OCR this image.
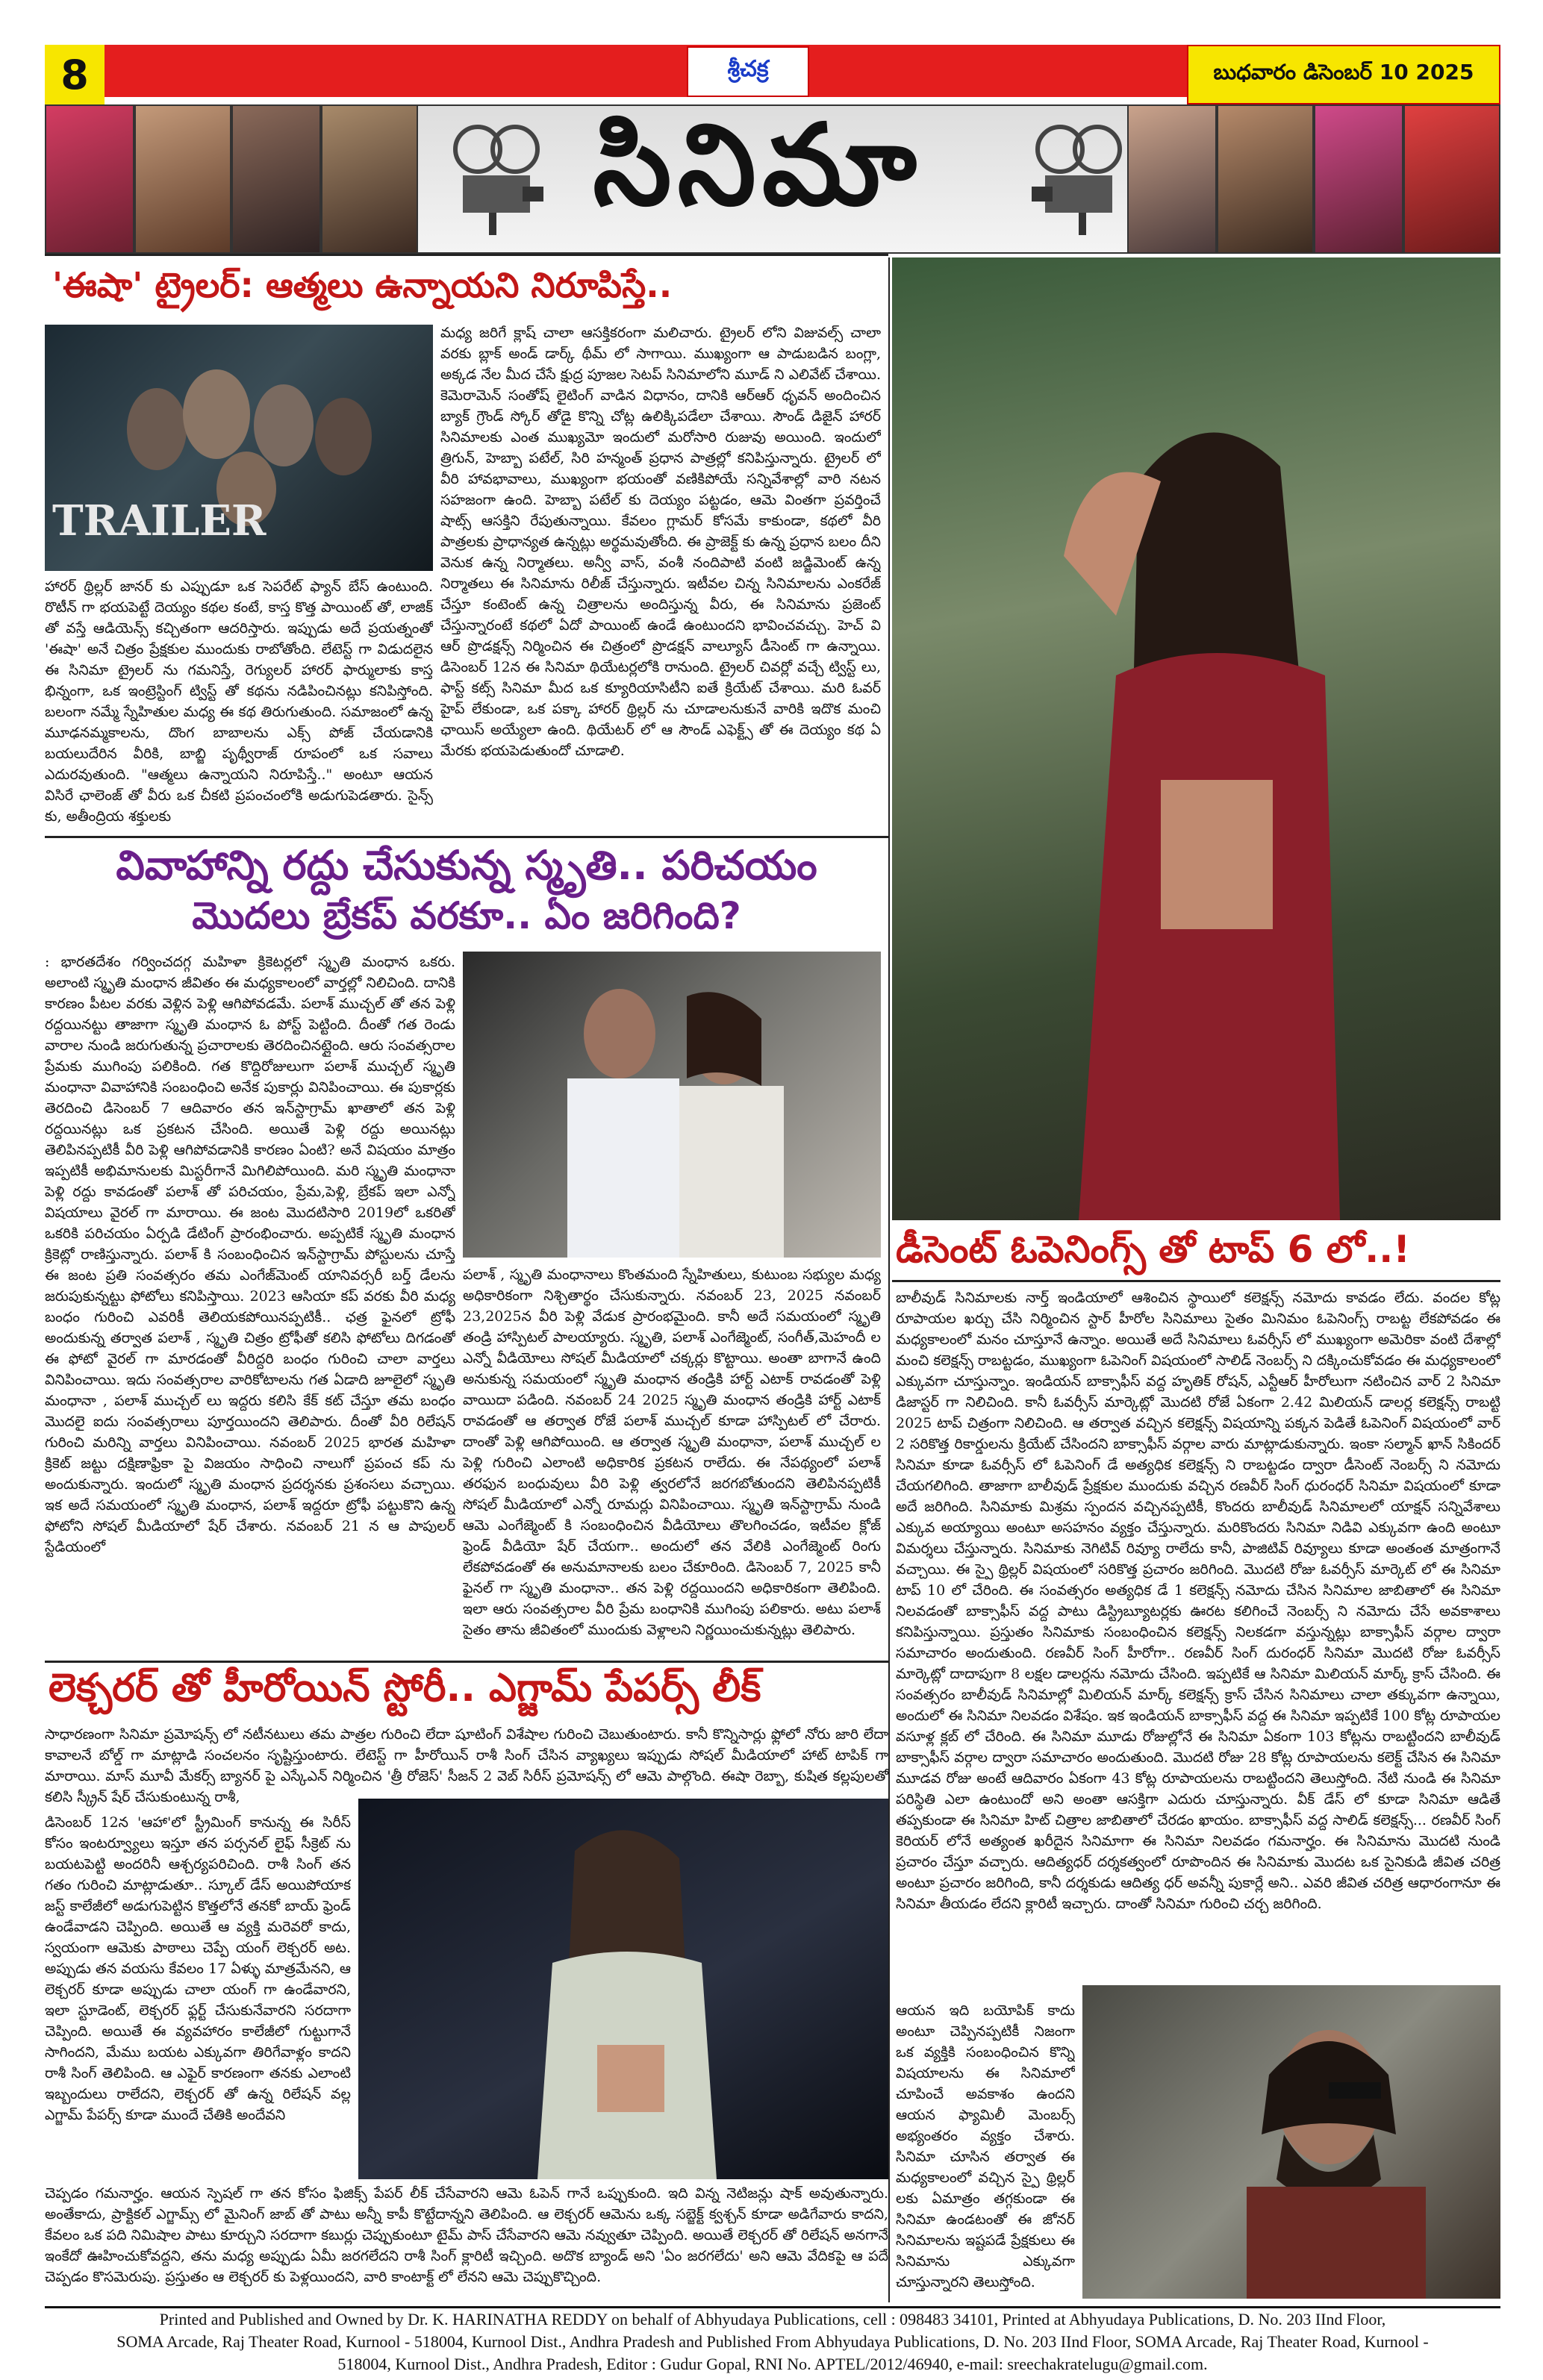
8	శ్రీచక్ర	బుధవారం డిసెంబర్ 10 2025
సినిమా
'ఈషా' ట్రైలర్: ఆత్మలు ఉన్నాయని నిరూపిస్తే..
TRAILER
హారర్ థ్రిల్లర్ జానర్ కు ఎప్పుడూ ఒక సెపరేట్ ఫ్యాన్ బేస్ ఉంటుంది. రొటీన్ గా భయపెట్టే దెయ్యం కథల కంటే, కాస్త కొత్త పాయింట్ తో, లాజిక్ తో వస్తే ఆడియెన్స్ కచ్చితంగా ఆదరిస్తారు. ఇప్పుడు అదే ప్రయత్నంతో 'ఈషా' అనే చిత్రం ప్రేక్షకుల ముందుకు రాబోతోంది. లేటెస్ట్ గా విడుదలైన ఈ సినిమా ట్రైలర్ ను గమనిస్తే, రెగ్యులర్ హారర్ ఫార్ములాకు కాస్త భిన్నంగా, ఒక ఇంట్రెస్టింగ్ ట్విస్ట్ తో కథను నడిపించినట్లు కనిపిస్తోంది. బలంగా నమ్మే స్నేహితుల మధ్య ఈ కథ తిరుగుతుంది. సమాజంలో ఉన్న మూఢనమ్మకాలను, దొంగ బాబాలను ఎక్స్ పోజ్ చేయడానికి బయలుదేరిన వీరికి, బాబ్జి పృథ్వీరాజ్ రూపంలో ఒక సవాలు ఎదురవుతుంది. "ఆత్మలు ఉన్నాయని నిరూపిస్తే.." అంటూ ఆయన విసిరే ఛాలెంజ్ తో వీరు ఒక చీకటి ప్రపంచంలోకి అడుగుపెడతారు. సైన్స్ కు, అతీంద్రియ శక్తులకు
మధ్య జరిగే క్లాష్ చాలా ఆసక్తికరంగా మలిచారు. ట్రైలర్ లోని విజువల్స్ చాలా వరకు బ్లాక్ అండ్ డార్క్ థీమ్ లో సాగాయి. ముఖ్యంగా ఆ పాడుబడిన బంగ్లా, అక్కడ నేల మీద చేసే క్షుద్ర పూజల సెటప్ సినిమాలోని మూడ్ ని ఎలివేట్ చేశాయి. కెమెరామెన్ సంతోష్ లైటింగ్ వాడిన విధానం, దానికి ఆర్ఆర్ ధృవన్ అందించిన బ్యాక్ గ్రౌండ్ స్కోర్ తోడై కొన్ని చోట్ల ఉలిక్కిపడేలా చేశాయి. సౌండ్ డిజైన్ హారర్ సినిమాలకు ఎంత ముఖ్యమో ఇందులో మరోసారి రుజువు అయింది. ఇందులో త్రిగున్, హెబ్బా పటేల్, సిరి హన్మంత్ ప్రధాన పాత్రల్లో కనిపిస్తున్నారు. ట్రైలర్ లో వీరి హావభావాలు, ముఖ్యంగా భయంతో వణికిపోయే సన్నివేశాల్లో వారి నటన సహజంగా ఉంది. హెబ్బా పటేల్ కు దెయ్యం పట్టడం, ఆమె వింతగా ప్రవర్తించే షాట్స్ ఆసక్తిని రేపుతున్నాయి. కేవలం గ్లామర్ కోసమే కాకుండా, కథలో వీరి పాత్రలకు ప్రాధాన్యత ఉన్నట్లు అర్థమవుతోంది. ఈ ప్రాజెక్ట్ కు ఉన్న ప్రధాన బలం దీని వెనుక ఉన్న నిర్మాతలు. అన్వీ వాస్, వంశీ నందిపాటి వంటి జడ్జిమెంట్ ఉన్న నిర్మాతలు ఈ సినిమాను రిలీజ్ చేస్తున్నారు. ఇటీవల చిన్న సినిమాలను ఎంకరేజ్ చేస్తూ కంటెంట్ ఉన్న చిత్రాలను అందిస్తున్న వీరు, ఈ సినిమాను ప్రజెంట్ చేస్తున్నారంటే కథలో ఏదో పాయింట్ ఉండే ఉంటుందని భావించవచ్చు. హెచ్ వి ఆర్ ప్రొడక్షన్స్ నిర్మించిన ఈ చిత్రంలో ప్రొడక్షన్ వాల్యూస్ డీసెంట్ గా ఉన్నాయి. డిసెంబర్ 12న ఈ సినిమా థియేటర్లలోకి రానుంది. ట్రైలర్ చివర్లో వచ్చే ట్విస్ట్ లు, ఫాస్ట్ కట్స్ సినిమా మీద ఒక క్యూరియాసిటీని ఐతే క్రియేట్ చేశాయి. మరి ఓవర్ హైప్ లేకుండా, ఒక పక్కా హారర్ థ్రిల్లర్ ను చూడాలనుకునే వారికి ఇదొక మంచి ఛాయిస్ అయ్యేలా ఉంది. థియేటర్ లో ఆ సౌండ్ ఎఫెక్ట్స్ తో ఈ దెయ్యం కథ ఏ మేరకు భయపెడుతుందో చూడాలి.
వివాహాన్ని రద్దు చేసుకున్న స్మృతి.. పరిచయం
మొదలు బ్రేకప్ వరకూ.. ఏం జరిగింది?
: భారతదేశం గర్వించదగ్గ మహిళా క్రికెటర్లలో స్మృతి మంధాన ఒకరు. అలాంటి స్మృతి మంధాన జీవితం ఈ మధ్యకాలంలో వార్తల్లో నిలిచింది. దానికి కారణం పీటల వరకు వెళ్లిన పెళ్లి ఆగిపోవడమే. పలాశ్ ముచ్చల్ తో తన పెళ్లి రద్దయినట్టు తాజాగా స్మృతి మంధాన ఓ పోస్ట్ పెట్టింది. దీంతో గత రెండు వారాల నుండి జరుగుతున్న ప్రచారాలకు తెరదించినట్లైంది. ఆరు సంవత్సరాల ప్రేమకు ముగింపు పలికింది. గత కొద్దిరోజులుగా పలాశ్ ముచ్చల్ స్మృతి మంధానా వివాహానికి సంబంధించి అనేక పుకార్లు వినిపించాయి. ఈ పుకార్లకు తెరదించి డిసెంబర్ 7 ఆదివారం తన ఇన్‌స్టాగ్రామ్ ఖాతాలో తన పెళ్లి రద్దయినట్లు ఒక ప్రకటన చేసింది. అయితే పెళ్లి రద్దు అయినట్లు తెలిపినప్పటికీ వీరి పెళ్లి ఆగిపోవడానికి కారణం ఏంటి? అనే విషయం మాత్రం ఇప్పటికీ అభిమానులకు మిస్టరీగానే మిగిలిపోయింది. మరి స్మృతి మంధానా పెళ్లి రద్దు కావడంతో పలాశ్ తో పరిచయం, ప్రేమ,పెళ్లి, బ్రేకప్ ఇలా ఎన్నో విషయాలు వైరల్ గా మారాయి. ఈ జంట మొదటిసారి 2019లో ఒకరితో ఒకరికి పరిచయం ఏర్పడి డేటింగ్ ప్రారంభించారు. అప్పటికే స్మృతి మంధాన క్రికెట్లో రాణిస్తున్నారు. పలాశ్ కి సంబంధించిన ఇన్‌స్టాగ్రామ్ పోస్టులను చూస్తే ఈ జంట ప్రతి సంవత్సరం తమ ఎంగేజ్‌మెంట్ యానివర్సరీ బర్త్ డేలను జరుపుకున్నట్టు ఫోటోలు కనిపిస్తాయి. 2023 ఆసియా కప్ వరకు వీరి మధ్య బంధం గురించి ఎవరికీ తెలియకపోయినప్పటికీ.. ఛత్ర ఫైనలో ట్రోఫీ అందుకున్న తర్వాత పలాశ్ , స్మృతి చిత్రం ట్రోఫీతో కలిసి ఫోటోలు దిగడంతో ఈ ఫోటో వైరల్ గా మారడంతో వీరిద్దరి బంధం గురించి చాలా వార్తలు వినిపించాయి. ఇదు సంవత్సరాల వారికోటాలను గత ఏడాది జూలైలో స్మృతి మంధానా , పలాశ్ ముచ్చల్ లు ఇద్దరు కలిసి కేక్ కట్ చేస్తూ తమ బంధం మొదలై ఐదు సంవత్సరాలు పూర్తయిందని తెలిపారు. దీంతో వీరి రిలేషన్ గురించి మరిన్ని వార్తలు వినిపించాయి. నవంబర్ 2025 భారత మహిళా క్రికెట్ జట్టు దక్షిణాఫ్రికా పై విజయం సాధించి నాలుగో ప్రపంచ కప్ ను అందుకున్నారు. ఇందులో స్మృతి మంధాన ప్రదర్శనకు ప్రశంసలు వచ్చాయి. ఇక అదే సమయంలో స్మృతి మంధాన, పలాశ్ ఇద్దరూ ట్రోఫీ పట్టుకొని ఉన్న ఫోటోని సోషల్ మీడియాలో షేర్ చేశారు. నవంబర్ 21 న ఆ పాపులర్ స్టేడియంలో
పలాశ్ , స్మృతి మంధానాలు కొంతమంది స్నేహితులు, కుటుంబ సభ్యుల మధ్య అధికారికంగా నిశ్చితార్థం చేసుకున్నారు. నవంబర్ 23, 2025 నవంబర్ 23,2025న వీరి పెళ్లి వేడుక ప్రారంభమైంది. కానీ అదే సమయంలో స్మృతి తండ్రి హాస్పిటల్ పాలయ్యారు. స్మృతి, పలాశ్ ఎంగేజ్మెంట్, సంగీత్,మెహందీ ల ఎన్నో వీడియోలు సోషల్ మీడియాలో చక్కర్లు కొట్టాయి. అంతా బాగానే ఉంది అనుకున్న సమయంలో స్మృతి మంధాన తండ్రికి హార్ట్ ఎటాక్ రావడంతో పెళ్లి వాయిదా పడింది. నవంబర్ 24 2025 స్మృతి మంధాన తండ్రికి హార్ట్ ఎటాక్ రావడంతో ఆ తర్వాత రోజే పలాశ్ ముచ్చల్ కూడా హాస్పిటల్ లో చేరారు. దాంతో పెళ్లి ఆగిపోయింది. ఆ తర్వాత స్మృతి మంధానా, పలాశ్ ముచ్చల్ ల పెళ్లి గురించి ఎలాంటి అధికారిక ప్రకటన రాలేదు. ఈ నేపథ్యంలో పలాశ్ తరఫున బంధువులు వీరి పెళ్లి త్వరలోనే జరగబోతుందని తెలిపినప్పటికీ సోషల్ మీడియాలో ఎన్నో రూమర్లు వినిపించాయి. స్మృతి ఇన్‌స్టాగ్రామ్ నుండి ఆమె ఎంగేజ్మెంట్ కి సంబంధించిన వీడియోలు తొలగించడం, ఇటీవల క్లోజ్ ఫ్రెండ్ వీడియో షేర్ చేయగా.. అందులో తన వేలికి ఎంగేజ్మెంట్ రింగు లేకపోవడంతో ఈ అనుమానాలకు బలం చేకూరింది. డిసెంబర్ 7, 2025 కానీ ఫైనల్ గా స్మృతి మంధానా.. తన పెళ్లి రద్దయిందని అధికారికంగా తెలిపింది. ఇలా ఆరు సంవత్సరాల వీరి ప్రేమ బంధానికి ముగింపు పలికారు. అటు పలాశ్ సైతం తాను జీవితంలో ముందుకు వెళ్లాలని నిర్ణయించుకున్నట్లు తెలిపారు.
డీసెంట్ ఓపెనింగ్స్ తో టాప్ 6 లో..!
బాలీవుడ్ సినిమాలకు నార్త్ ఇండియాలో ఆశించిన స్థాయిలో కలెక్షన్స్ నమోదు కావడం లేదు. వందల కోట్ల రూపాయల ఖర్చు చేసి నిర్మించిన స్టార్ హీరోల సినిమాలు సైతం మినిమం ఓపెనింగ్స్ రాబట్ట లేకపోవడం ఈ మధ్యకాలంలో మనం చూస్తూనే ఉన్నాం. అయితే అదే సినిమాలు ఓవర్సీస్ లో ముఖ్యంగా అమెరికా వంటి దేశాల్లో మంచి కలెక్షన్స్ రాబట్టడం, ముఖ్యంగా ఓపెనింగ్ విషయంలో సాలిడ్ నెంబర్స్ ని దక్కించుకోవడం ఈ మధ్యకాలంలో ఎక్కువగా చూస్తున్నాం. ఇండియన్ బాక్సాఫీస్ వద్ద హృతిక్ రోషన్, ఎన్టీఆర్ హీరోలుగా నటించిన వార్ 2 సినిమా డిజాస్టర్ గా నిలిచింది. కానీ ఓవర్సీస్ మార్కెట్లో మొదటి రోజే ఏకంగా 2.42 మిలియన్ డాలర్ల కలెక్షన్స్ రాబట్టి 2025 టాప్ చిత్రంగా నిలిచింది. ఆ తర్వాత వచ్చిన కలెక్షన్స్ విషయాన్ని పక్కన పెడితే ఓపెనింగ్ విషయంలో వార్ 2 సరికొత్త రికార్డులను క్రియేట్ చేసిందని బాక్సాఫీస్ వర్గాల వారు మాట్లాడుకున్నారు. ఇంకా సల్మాన్ ఖాన్ సికిందర్ సినిమా కూడా ఓవర్సీస్ లో ఓపెనింగ్ డే అత్యధిక కలెక్షన్స్ ని రాబట్టడం ద్వారా డీసెంట్ నెంబర్స్ ని నమోదు చేయగలిగింది. తాజాగా బాలీవుడ్ ప్రేక్షకుల ముందుకు వచ్చిన రణవీర్ సింగ్ ధురంధర్ సినిమా విషయంలో కూడా అదే జరిగింది. సినిమాకు మిశ్రమ స్పందన వచ్చినప్పటికీ, కొందరు బాలీవుడ్ సినిమాలలో యాక్షన్ సన్నివేశాలు ఎక్కువ అయ్యాయి అంటూ అసహనం వ్యక్తం చేస్తున్నారు. మరికొందరు సినిమా నిడివి ఎక్కువగా ఉంది అంటూ విమర్శలు చేస్తున్నారు. సినిమాకు నెగిటివ్ రివ్యూ రాలేదు కానీ, పాజిటివ్ రివ్యూలు కూడా అంతంత మాత్రంగానే వచ్చాయి. ఈ స్పై థ్రిల్లర్ విషయంలో సరికొత్త ప్రచారం జరిగింది. మొదటి రోజు ఓవర్సీస్ మార్కెట్ లో ఈ సినిమా టాప్ 10 లో చేరింది. ఈ సంవత్సరం అత్యధిక డే 1 కలెక్షన్స్ నమోదు చేసిన సినిమాల జాబితాలో ఈ సినిమా నిలవడంతో బాక్సాఫీస్ వద్ద పాటు డిస్ట్రిబ్యూటర్లకు ఊరట కలిగించే నెంబర్స్ ని నమోదు చేసే అవకాశాలు కనిపిస్తున్నాయి. ప్రస్తుతం సినిమాకు సంబంధించిన కలెక్షన్స్ నిలకడగా వస్తున్నట్లు బాక్సాఫీస్ వర్గాల ద్వారా సమాచారం అందుతుంది. రణవీర్ సింగ్ హీరోగా.. రణవీర్ సింగ్ దురంధర్ సినిమా మొదటి రోజు ఓవర్సీస్ మార్కెట్లో దాదాపుగా 8 లక్షల డాలర్లను నమోదు చేసింది. ఇప్పటికే ఆ సినిమా మిలియన్ మార్క్ క్రాస్ చేసింది. ఈ సంవత్సరం బాలీవుడ్ సినిమాల్లో మిలియన్ మార్క్ కలెక్షన్స్ క్రాస్ చేసిన సినిమాలు చాలా తక్కువగా ఉన్నాయి, అందులో ఈ సినిమా నిలవడం విశేషం. ఇక ఇండియన్ బాక్సాఫీస్ వద్ద ఈ సినిమా ఇప్పటికే 100 కోట్ల రూపాయల వసూళ్ల క్లబ్ లో చేరింది. ఈ సినిమా మూడు రోజుల్లోనే ఈ సినిమా ఏకంగా 103 కోట్లను రాబట్టిందని బాలీవుడ్ బాక్సాఫీస్ వర్గాల ద్వారా సమాచారం అందుతుంది. మొదటి రోజు 28 కోట్ల రూపాయలను కలెక్ట్ చేసిన ఈ సినిమా మూడవ రోజు అంటే ఆదివారం ఏకంగా 43 కోట్ల రూపాయలను రాబట్టిందని తెలుస్తోంది. నేటి నుండి ఈ సినిమా పరిస్థితి ఎలా ఉంటుందో అని అంతా ఆసక్తిగా ఎదురు చూస్తున్నారు. వీక్ డేస్ లో కూడా సినిమా ఆడితే తప్పకుండా ఈ సినిమా హిట్ చిత్రాల జాబితాలో చేరడం ఖాయం. బాక్సాఫీస్ వద్ద సాలిడ్ కలెక్షన్స్... రణవీర్ సింగ్ కెరియర్ లోనే అత్యంత ఖరీదైన సినిమాగా ఈ సినిమా నిలవడం గమనార్హం. ఈ సినిమాను మొదటి నుండి ప్రచారం చేస్తూ వచ్చారు. ఆదిత్యధర్ దర్శకత్వంలో రూపొందిన ఈ సినిమాకు మొదట ఒక సైనికుడి జీవిత చరిత్ర అంటూ ప్రచారం జరిగింది, కానీ దర్శకుడు ఆదిత్య ధర్ అవన్నీ పుకార్లే అని.. ఎవరి జీవిత చరిత్ర ఆధారంగానూ ఈ సినిమా తీయడం లేదని క్లారిటీ ఇచ్చారు. దాంతో సినిమా గురించి చర్చ జరిగింది.
ఆయన ఇది బయోపిక్ కాదు అంటూ చెప్పినప్పటికీ నిజంగా ఒక వ్యక్తికి సంబంధించిన కొన్ని విషయాలను ఈ సినిమాలో చూపించే అవకాశం ఉందని ఆయన ఫ్యామిలీ మెంబర్స్ అభ్యంతరం వ్యక్తం చేశారు. సినిమా చూసిన తర్వాత ఈ మధ్యకాలంలో వచ్చిన స్పై థ్రిల్లర్ లకు ఏమాత్రం తగ్గకుండా ఈ సినిమా ఉండటంతో ఈ జోనర్ సినిమాలను ఇష్టపడే ప్రేక్షకులు ఈ సినిమాను ఎక్కువగా చూస్తున్నారని తెలుస్తోంది.
లెక్చరర్ తో హీరోయిన్ స్టోరీ.. ఎగ్జామ్ పేపర్స్ లీక్
సాధారణంగా సినిమా ప్రమోషన్స్ లో నటీనటులు తమ పాత్రల గురించి లేదా షూటింగ్ విశేషాల గురించి చెబుతుంటారు. కానీ కొన్నిసార్లు ఫ్లోలో నోరు జారి లేదా కావాలనే బోల్డ్ గా మాట్లాడి సంచలనం సృష్టిస్తుంటారు. లేటెస్ట్ గా హీరోయిన్ రాశీ సింగ్ చేసిన వ్యాఖ్యలు ఇప్పుడు సోషల్ మీడియాలో హాట్ టాపిక్ గా మారాయి. మాస్ మూవీ మేకర్స్ బ్యానర్ పై ఎస్కేఎన్ నిర్మించిన 'త్రీ రోజెస్' సీజన్ 2 వెబ్ సిరీస్ ప్రమోషన్స్ లో ఆమె పాల్గొంది. ఈషా రెబ్బా, కుషిత కల్లపులతో కలిసి స్క్రీన్ షేర్ చేసుకుంటున్న రాశీ,
డిసెంబర్ 12న 'ఆహా'లో స్ట్రీమింగ్ కానున్న ఈ సిరీస్ కోసం ఇంటర్వ్యూలు ఇస్తూ తన పర్సనల్ లైఫ్ సీక్రెట్ ను బయటపెట్టి అందరినీ ఆశ్చర్యపరిచింది. రాశీ సింగ్ తన గతం గురించి మాట్లాడుతూ.. స్కూల్ డేస్ అయిపోయాక జస్ట్ కాలేజీలో అడుగుపెట్టిన కొత్తలోనే తనకో బాయ్ ఫ్రెండ్ ఉండేవాడని చెప్పింది. అయితే ఆ వ్యక్తి మరెవరో కాదు, స్వయంగా ఆమెకు పాఠాలు చెప్పే యంగ్ లెక్చరర్ అట. అప్పుడు తన వయసు కేవలం 17 ఏళ్ళు మాత్రమేనని, ఆ లెక్చరర్ కూడా అప్పుడు చాలా యంగ్ గా ఉండేవారని, ఇలా స్టూడెంట్, లెక్చరర్ ఫ్లర్ట్ చేసుకునేవారని సరదాగా చెప్పింది. అయితే ఈ వ్యవహారం కాలేజీలో గుట్టుగానే సాగిందని, మేము బయట ఎక్కువగా తిరిగేవాళ్లం కాదని రాశీ సింగ్ తెలిపింది. ఆ ఎఫైర్ కారణంగా తనకు ఎలాంటి ఇబ్బందులు రాలేదని, లెక్చరర్ తో ఉన్న రిలేషన్ వల్ల ఎగ్జామ్ పేపర్స్ కూడా ముందే చేతికి అందేవని
చెప్పడం గమనార్హం. ఆయన స్పెషల్ గా తన కోసం ఫిజిక్స్ పేపర్ లీక్ చేసేవారని ఆమె ఓపెన్ గానే ఒప్పుకుంది. ఇది విన్న నెటిజన్లు షాక్ అవుతున్నారు. అంతేకాదు, ప్రాక్టికల్ ఎగ్జామ్స్ లో మైనింగ్ జాబ్ తో పాటు అన్నీ కాపీ కొట్టేదాన్నని తెలిపింది. ఆ లెక్చరర్ ఆమెను ఒక్క సబ్జెక్ట్ క్వశ్చన్ కూడా అడిగేవారు కాదని, కేవలం ఒక పది నిమిషాల పాటు కూర్చుని సరదాగా కబుర్లు చెప్పుకుంటూ టైమ్ పాస్ చేసేవారని ఆమె నవ్వుతూ చెప్పింది. అయితే లెక్చరర్ తో రిలేషన్ అనగానే ఇంకేదో ఊహించుకోవద్దని, తను మధ్య అప్పుడు ఏమీ జరగలేదని రాశీ సింగ్ క్లారిటీ ఇచ్చింది. అదొక బ్యాండ్ అని 'ఏం జరగలేదు' అని ఆమె వేదికపై ఆ పదే చెప్పడం కొసమెరుపు. ప్రస్తుతం ఆ లెక్చరర్ కు పెళ్లయిందని, వారి కాంటాక్ట్ లో లేనని ఆమె చెప్పుకొచ్చింది.
Printed and Published and Owned by Dr. K. HARINATHA REDDY on behalf of Abhyudaya Publications, cell : 098483 34101, Printed at Abhyudaya Publications, D. No. 203 IInd Floor,
SOMA Arcade, Raj Theater Road, Kurnool - 518004, Kurnool Dist., Andhra Pradesh and Published From Abhyudaya Publications, D. No. 203 IInd Floor, SOMA Arcade, Raj Theater Road, Kurnool -
518004, Kurnool Dist., Andhra Pradesh, Editor : Gudur Gopal, RNI No. APTEL/2012/46940, e-mail: sreechakratelugu@gmail.com.
